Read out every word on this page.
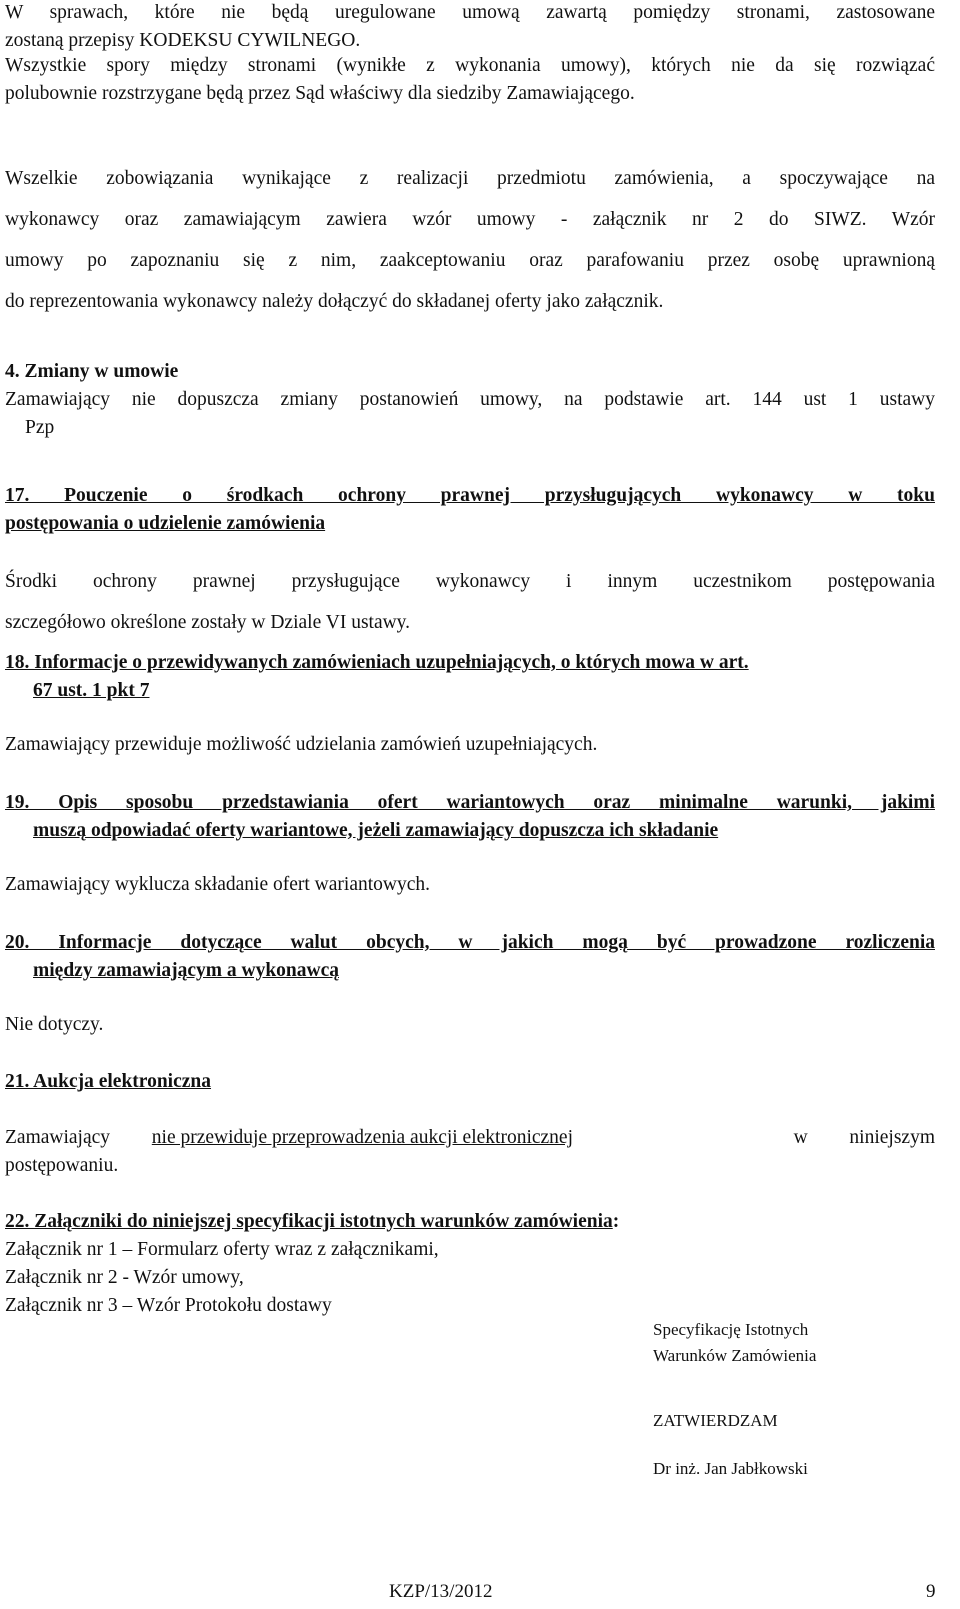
W sprawach, które nie będą uregulowane umową zawartą pomiędzy stronami, zastosowane
zostaną przepisy KODEKSU CYWILNEGO.
Wszystkie spory między stronami (wynikłe z wykonania umowy), których nie da się rozwiązać
polubownie rozstrzygane będą przez Sąd właściwy dla siedziby Zamawiającego.
Wszelkie zobowiązania wynikające z realizacji przedmiotu zamówienia, a spoczywające na
wykonawcy oraz zamawiającym zawiera wzór umowy - załącznik nr 2 do SIWZ. Wzór
umowy po zapoznaniu się z nim, zaakceptowaniu oraz parafowaniu przez osobę uprawnioną
do reprezentowania wykonawcy należy dołączyć do składanej oferty jako załącznik.
4. Zmiany w umowie
Zamawiający nie dopuszcza zmiany postanowień umowy, na podstawie art. 144 ust 1 ustawy
Pzp
17. Pouczenie o środkach ochrony prawnej przysługujących wykonawcy w toku
postępowania o udzielenie zamówienia
Środki ochrony prawnej przysługujące wykonawcy i innym uczestnikom postępowania
szczegółowo określone zostały w Dziale VI ustawy.
18. Informacje o przewidywanych zamówieniach uzupełniających, o których mowa w art.
67 ust. 1 pkt 7
Zamawiający przewiduje możliwość udzielania zamówień uzupełniających.
19. Opis sposobu przedstawiania ofert wariantowych oraz minimalne warunki, jakimi
muszą odpowiadać oferty wariantowe, jeżeli zamawiający dopuszcza ich składanie
Zamawiający wyklucza składanie ofert wariantowych.
20. Informacje dotyczące walut obcych, w jakich mogą być prowadzone rozliczenia
między zamawiającym a wykonawcą
Nie dotyczy.
21. Aukcja elektroniczna
Zamawiający nie przewiduje przeprowadzenia aukcji elektronicznej	w niniejszym
postępowaniu.
22. Załączniki do niniejszej specyfikacji istotnych warunków zamówienia:
Załącznik nr 1 – Formularz oferty wraz z załącznikami,
Załącznik nr 2 - Wzór umowy,
Załącznik nr 3 – Wzór Protokołu dostawy
Specyfikację Istotnych
Warunków Zamówienia
ZATWIERDZAM
Dr inż. Jan Jabłkowski
KZP/13/2012	9
